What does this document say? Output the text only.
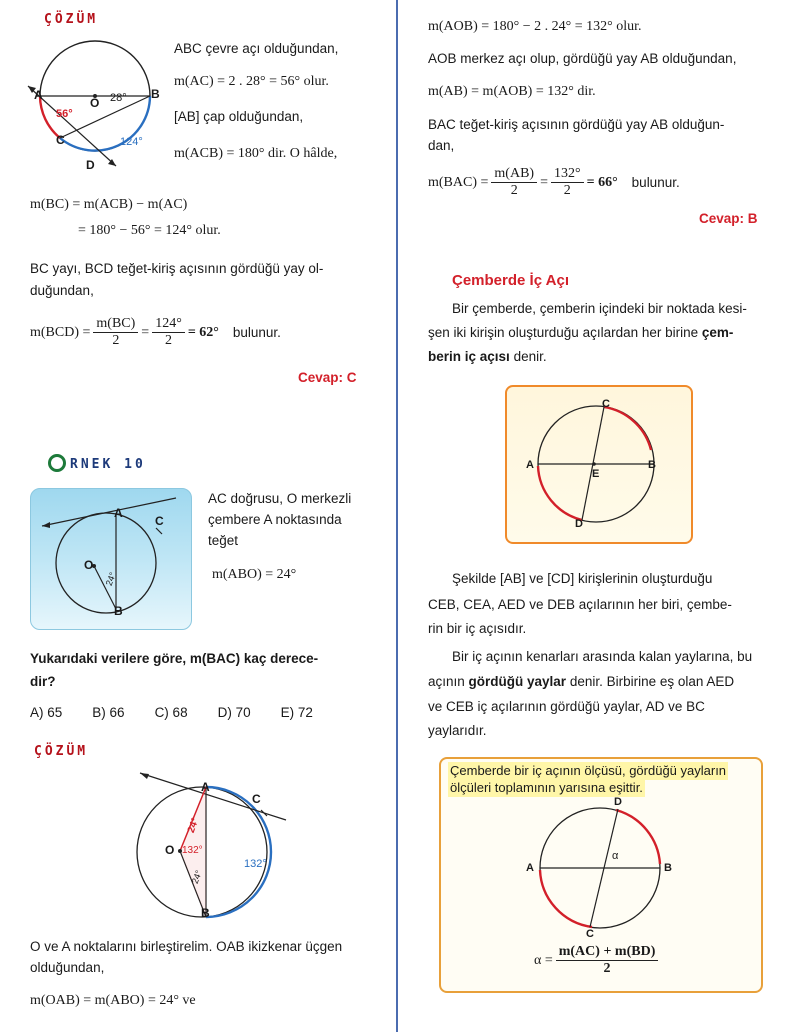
ÇÖZÜM
A	B
C
D
O 28°
56°
124°
ABC çevre açı olduğundan,
m(AC) = 2 . 28° = 56° olur.
[AB] çap olduğundan,
m(ACB) = 180° dir. O hâlde,
m(BC) = m(ACB) − m(AC)
= 180° − 56° = 124° olur.
BC yayı, BCD teğet-kiriş açısının gördüğü yay ol-
duğundan,
$m(BCD) = \frac{m(BC)}{2} = \frac{124^\circ}{2} = 62^\circ$ bulunur.
Cevap: C
RNEK 10
A
B
C
O
24°
AC doğrusu, O merkezli
çembere A noktasında
teğet
m(ABO) = 24°
Yukarıdaki verilere göre, m(BAC) kaç derece-
dir?
A) 65 B) 66 C) 68 D) 70 E) 72
ÇÖZÜM
A
B
C
O
24°
24°
132°
132°
O ve A noktalarını birleştirelim. OAB ikizkenar üçgen
olduğundan,
m(OAB) = m(ABO) = 24° ve
m(AOB) = 180° − 2 . 24° = 132° olur.
AOB merkez açı olup, gördüğü yay AB olduğundan,
m(AB) = m(AOB) = 132° dir.
BAC teğet-kiriş açısının gördüğü yay AB olduğun-
dan,
$m(BAC) = \frac{m(AB)}{2} = \frac{132^\circ}{2} = 66^\circ$ bulunur.
Cevap: B
Çemberde İç Açı
Bir çemberde, çemberin içindeki bir noktada kesi-
şen iki kirişin oluşturduğu açılardan her birine çem-
berin iç açısı denir.
A	B
C
D
E
Şekilde [AB] ve [CD] kirişlerinin oluşturduğu
CEB, CEA, AED ve DEB açılarının her biri, çembe-
rin bir iç açısıdır.
Bir iç açının kenarları arasında kalan yaylarına, bu
açının gördüğü yaylar denir. Birbirine eş olan AED
ve CEB iç açılarının gördüğü yaylar, AD ve BC
yaylarıdır.
Çemberde bir iç açının ölçüsü, gördüğü yayların
ölçüleri toplamının yarısına eşittir.
A	B
C
D
α
$\alpha = \frac{m(AC) + m(BD)}{2}$
